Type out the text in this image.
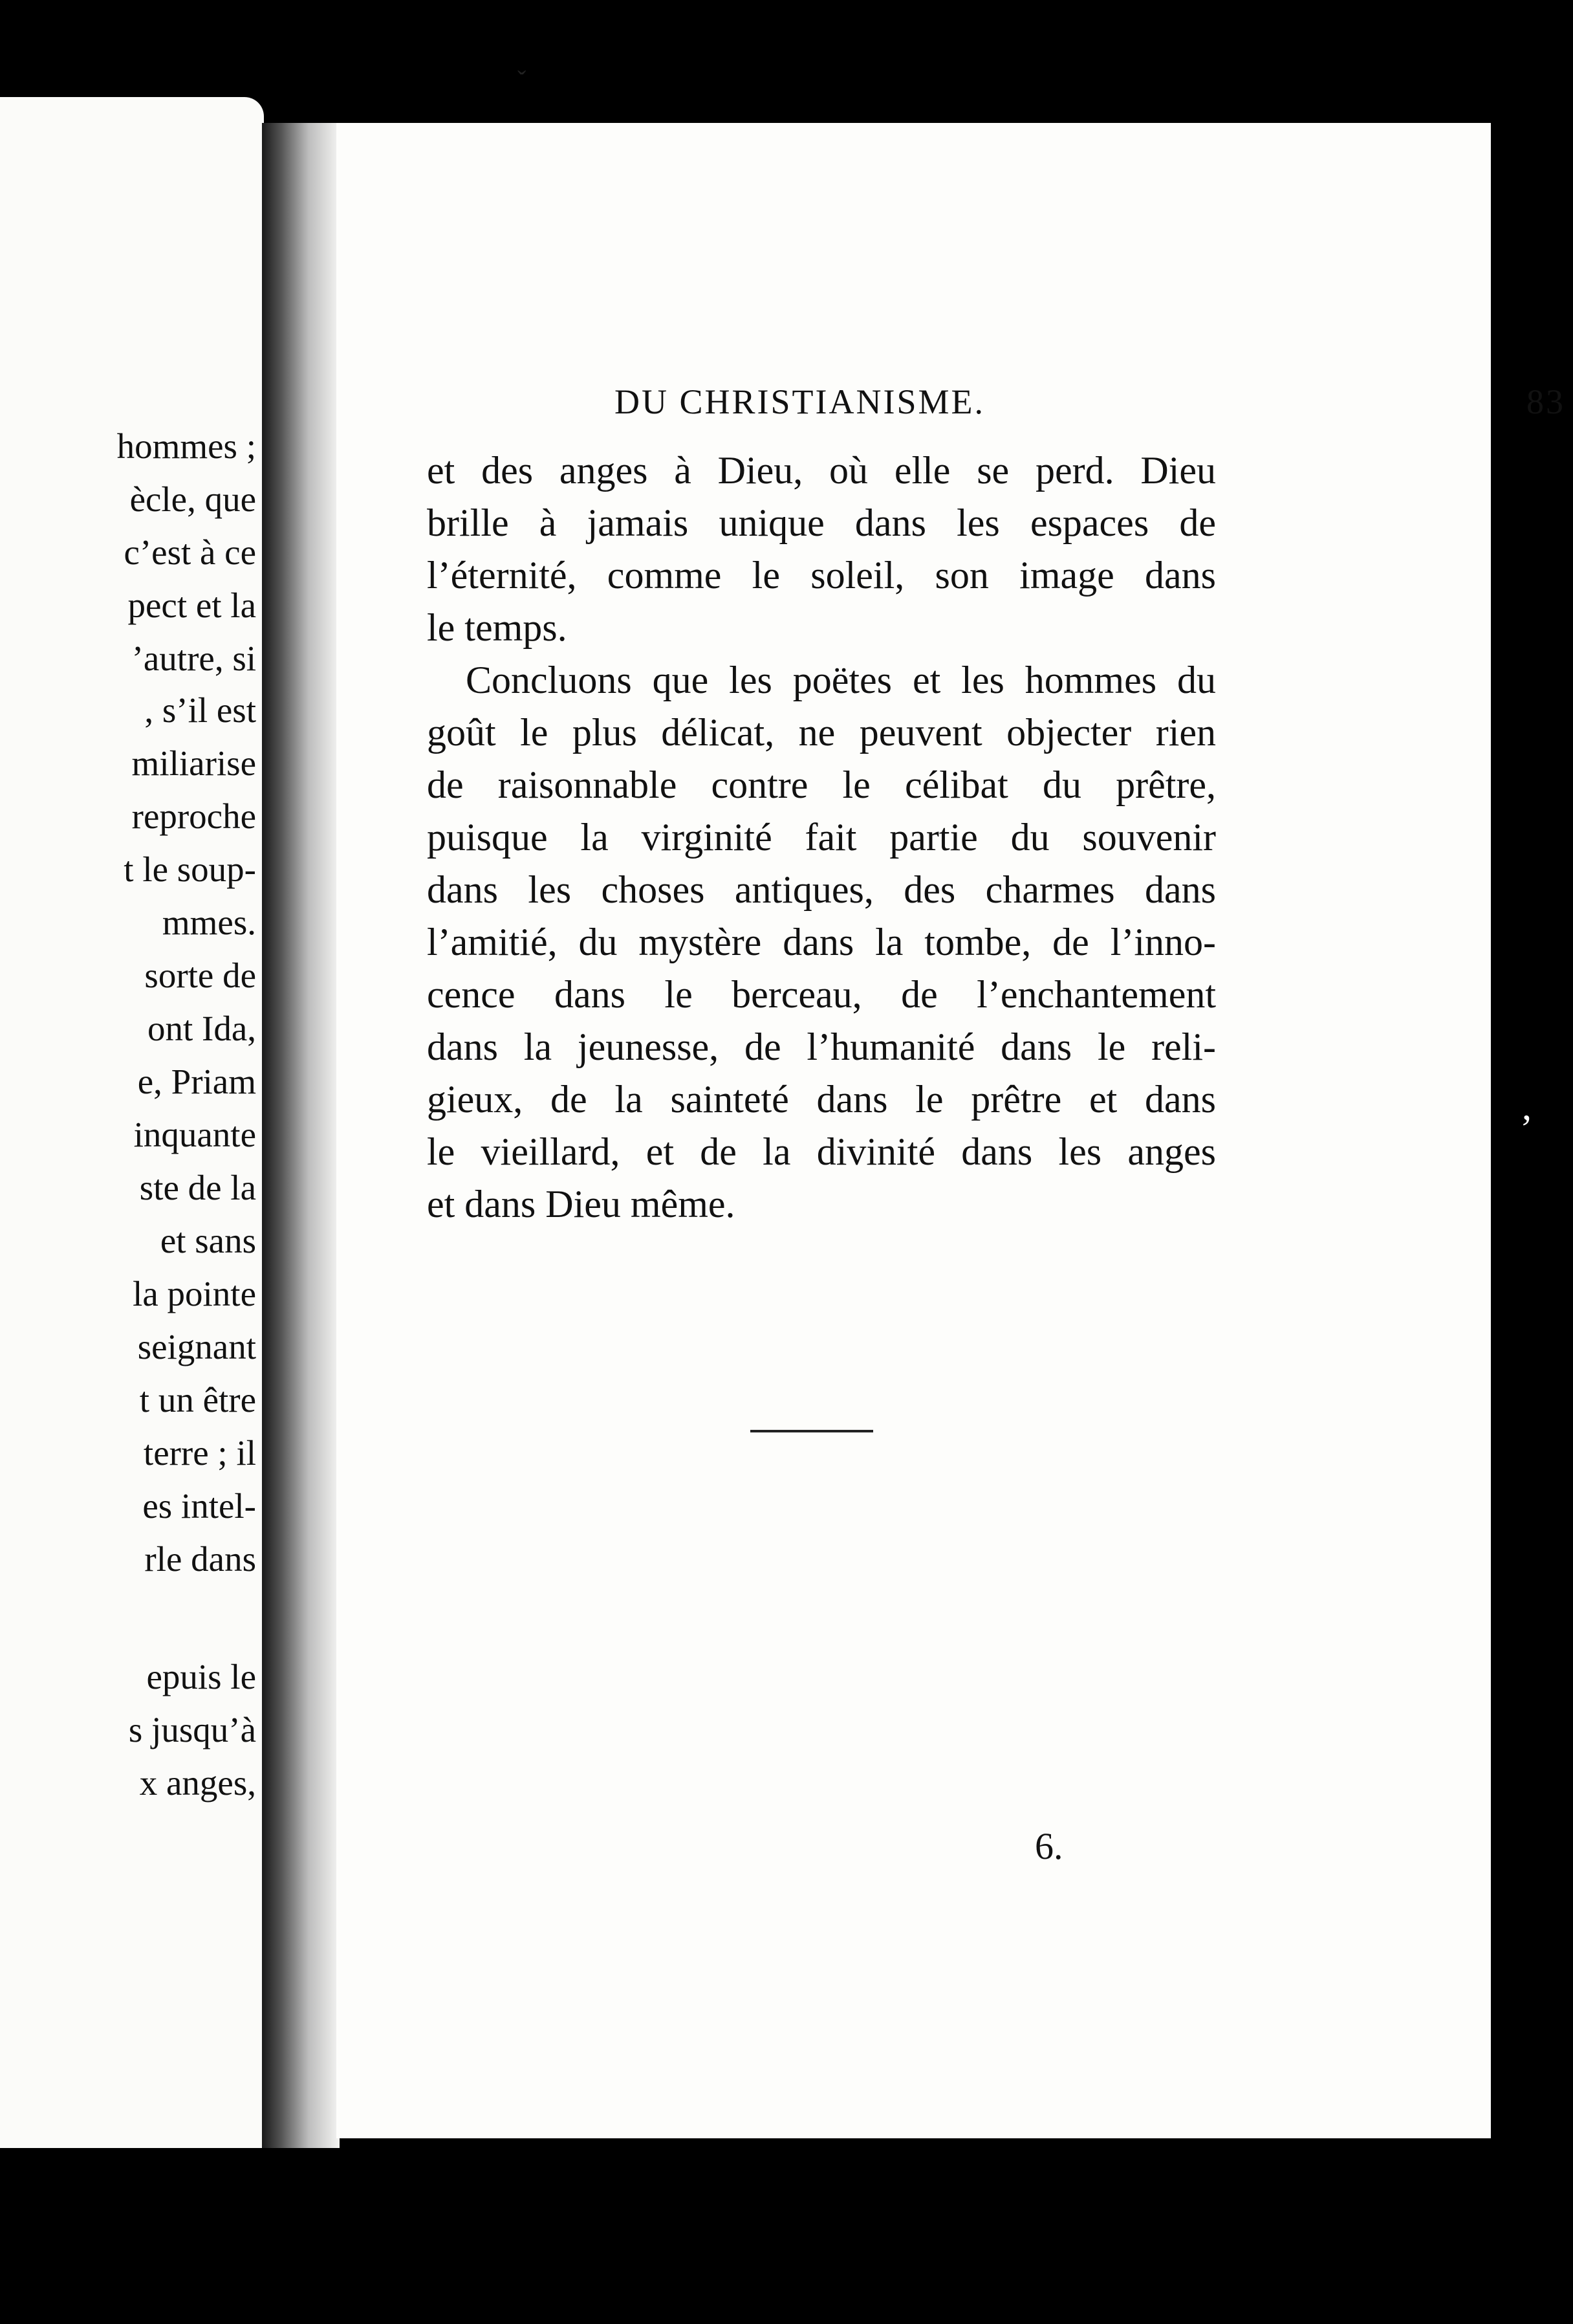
hommes ;
ècle, que
c’est à ce
pect et la
’autre, si
, s’il est
miliarise
reproche
t le soup-
mmes.
sorte de
ont Ida,
e, Priam
inquante
ste de la
et sans
la pointe
seignant
t un être
terre ; il
es intel-
rle dans
epuis le
s jusqu’à
x anges,
DU CHRISTIANISME.	83
et des anges à Dieu, où elle se perd. Dieu
brille à jamais unique dans les espaces de
l’éternité, comme le soleil, son image dans
le temps.
Concluons que les poëtes et les hommes du
goût le plus délicat, ne peuvent objecter rien
de raisonnable contre le célibat du prêtre,
puisque la virginité fait partie du souvenir
dans les choses antiques, des charmes dans
l’amitié, du mystère dans la tombe, de l’inno-
cence dans le berceau, de l’enchantement
dans la jeunesse, de l’humanité dans le reli-
gieux, de la sainteté dans le prêtre et dans
le vieillard, et de la divinité dans les anges
et dans Dieu même.
6.
ˇ
ʼ
